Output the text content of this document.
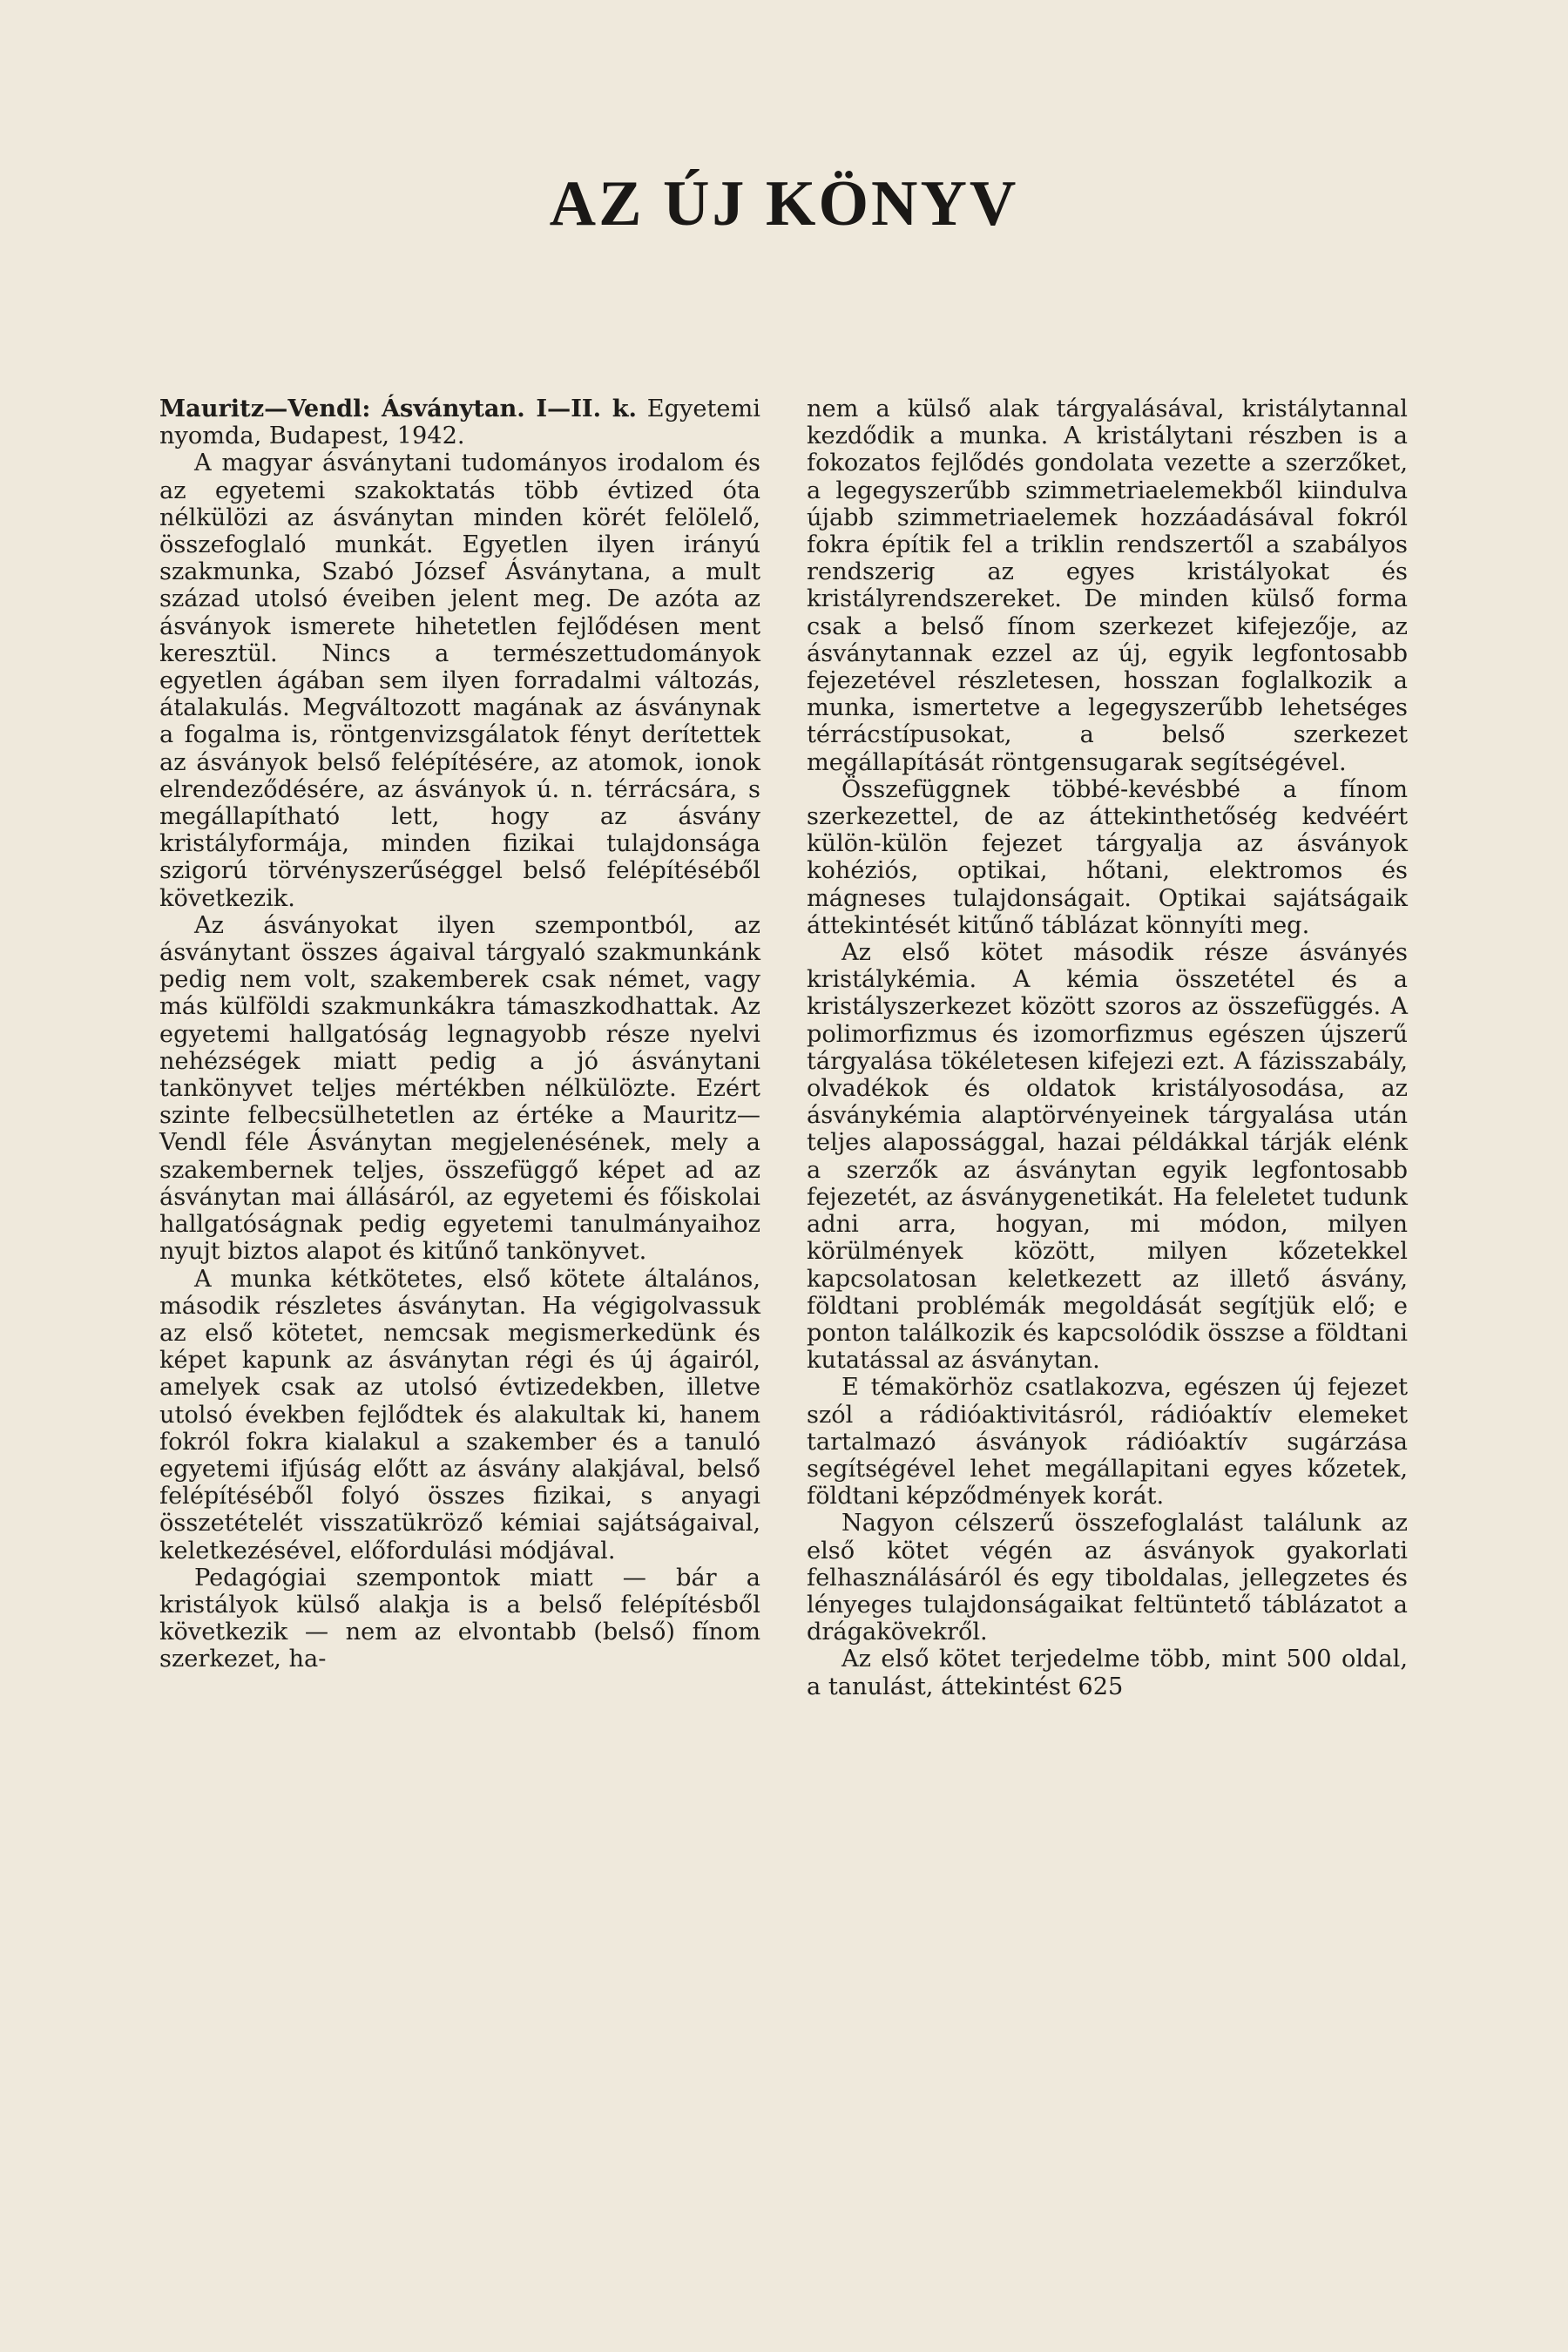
AZ ÚJ KÖNYV

Mauritz—Vendl: Ásványtan. I—II. k. Egyetemi nyomda, Budapest, 1942.

A magyar ásványtani tudományos irodalom és az egyetemi szakoktatás több évtized óta nélkülözi az ásványtan minden körét felölelő, összefoglaló munkát. Egyetlen ilyen irányú szakmunka, Szabó József Ásványtana, a mult század utolsó éveiben jelent meg. De azóta az ásványok ismerete hihetetlen fejlődésen ment keresztül. Nincs a természettudományok egyetlen ágában sem ilyen forradalmi változás, átalakulás. Megváltozott magának az ásványnak a fogalma is, röntgenvizsgálatok fényt derítettek az ásványok belső felépítésére, az atomok, ionok elrendeződésére, az ásványok ú. n. térrácsára, s megállapítható lett, hogy az ásvány kristályformája, minden fizikai tulajdonsága szigorú törvényszerűséggel belső felépítéséből következik.

Az ásványokat ilyen szempontból, az ásványtant összes ágaival tárgyaló szakmunkánk pedig nem volt, szakemberek csak német, vagy más külföldi szakmunkákra támaszkodhattak. Az egyetemi hallgatóság legnagyobb része nyelvi nehézségek miatt pedig a jó ásványtani tankönyvet teljes mértékben nélkülözte. Ezért szinte felbecsülhetetlen az értéke a Mauritz—Vendl féle Ásványtan megjelenésének, mely a szakembernek teljes, összefüggő képet ad az ásványtan mai állásáról, az egyetemi és főiskolai hallgatóságnak pedig egyetemi tanulmányaihoz nyujt biztos alapot és kitűnő tankönyvet.

A munka kétkötetes, első kötete általános, második részletes ásványtan. Ha végigolvassuk az első kötetet, nemcsak megismerkedünk és képet kapunk az ásványtan régi és új ágairól, amelyek csak az utolsó évtizedekben, illetve utolsó években fejlődtek és alakultak ki, hanem fokról fokra kialakul a szakember és a tanuló egyetemi ifjúság előtt az ásvány alakjával, belső felépítéséből folyó összes fizikai, s anyagi összetételét visszatükröző kémiai sajátságaival, keletkezésével, előfordulási módjával.

Pedagógiai szempontok miatt — bár a kristályok külső alakja is a belső felépítésből következik — nem az elvontabb (belső) fínom szerkezet, ha-

nem a külső alak tárgyalásával, kristálytannal kezdődik a munka. A kristálytani részben is a fokozatos fejlődés gondolata vezette a szerzőket, a legegyszerűbb szimmetriaelemekből kiindulva újabb szimmetriaelemek hozzáadásával fokról fokra építik fel a triklin rendszertől a szabályos rendszerig az egyes kristályokat és kristályrendszereket. De minden külső forma csak a belső fínom szerkezet kifejezője, az ásványtannak ezzel az új, egyik legfontosabb fejezetével részletesen, hosszan foglalkozik a munka, ismertetve a legegyszerűbb lehetséges térrácstípusokat, a belső szerkezet megállapítását röntgensugarak segítségével.

Összefüggnek többé-kevésbbé a fínom szerkezettel, de az áttekinthetőség kedvéért külön-külön fejezet tárgyalja az ásványok kohéziós, optikai, hőtani, elektromos és mágneses tulajdonságait. Optikai sajátságaik áttekintését kitűnő táblázat könnyíti meg.

Az első kötet második része ásványés kristálykémia. A kémia összetétel és a kristályszerkezet között szoros az összefüggés. A polimorfizmus és izomorfizmus egészen újszerű tárgyalása tökéletesen kifejezi ezt. A fázisszabály, olvadékok és oldatok kristályosodása, az ásványkémia alaptörvényeinek tárgyalása után teljes alapossággal, hazai példákkal tárják elénk a szerzők az ásványtan egyik legfontosabb fejezetét, az ásványgenetikát. Ha feleletet tudunk adni arra, hogyan, mi módon, milyen körülmények között, milyen kőzetekkel kapcsolatosan keletkezett az illető ásvány, földtani problémák megoldását segítjük elő; e ponton találkozik és kapcsolódik összse a földtani kutatással az ásványtan.

E témakörhöz csatlakozva, egészen új fejezet szól a rádióaktivitásról, rádióaktív elemeket tartalmazó ásványok rádióaktív sugárzása segítségével lehet megállapitani egyes kőzetek, földtani képződmények korát.

Nagyon célszerű összefoglalást találunk az első kötet végén az ásványok gyakorlati felhasználásáról és egy tiboldalas, jellegzetes és lényeges tulajdonságaikat feltüntető táblázatot a drágakövekről.

Az első kötet terjedelme több, mint 500 oldal, a tanulást, áttekintést 625
